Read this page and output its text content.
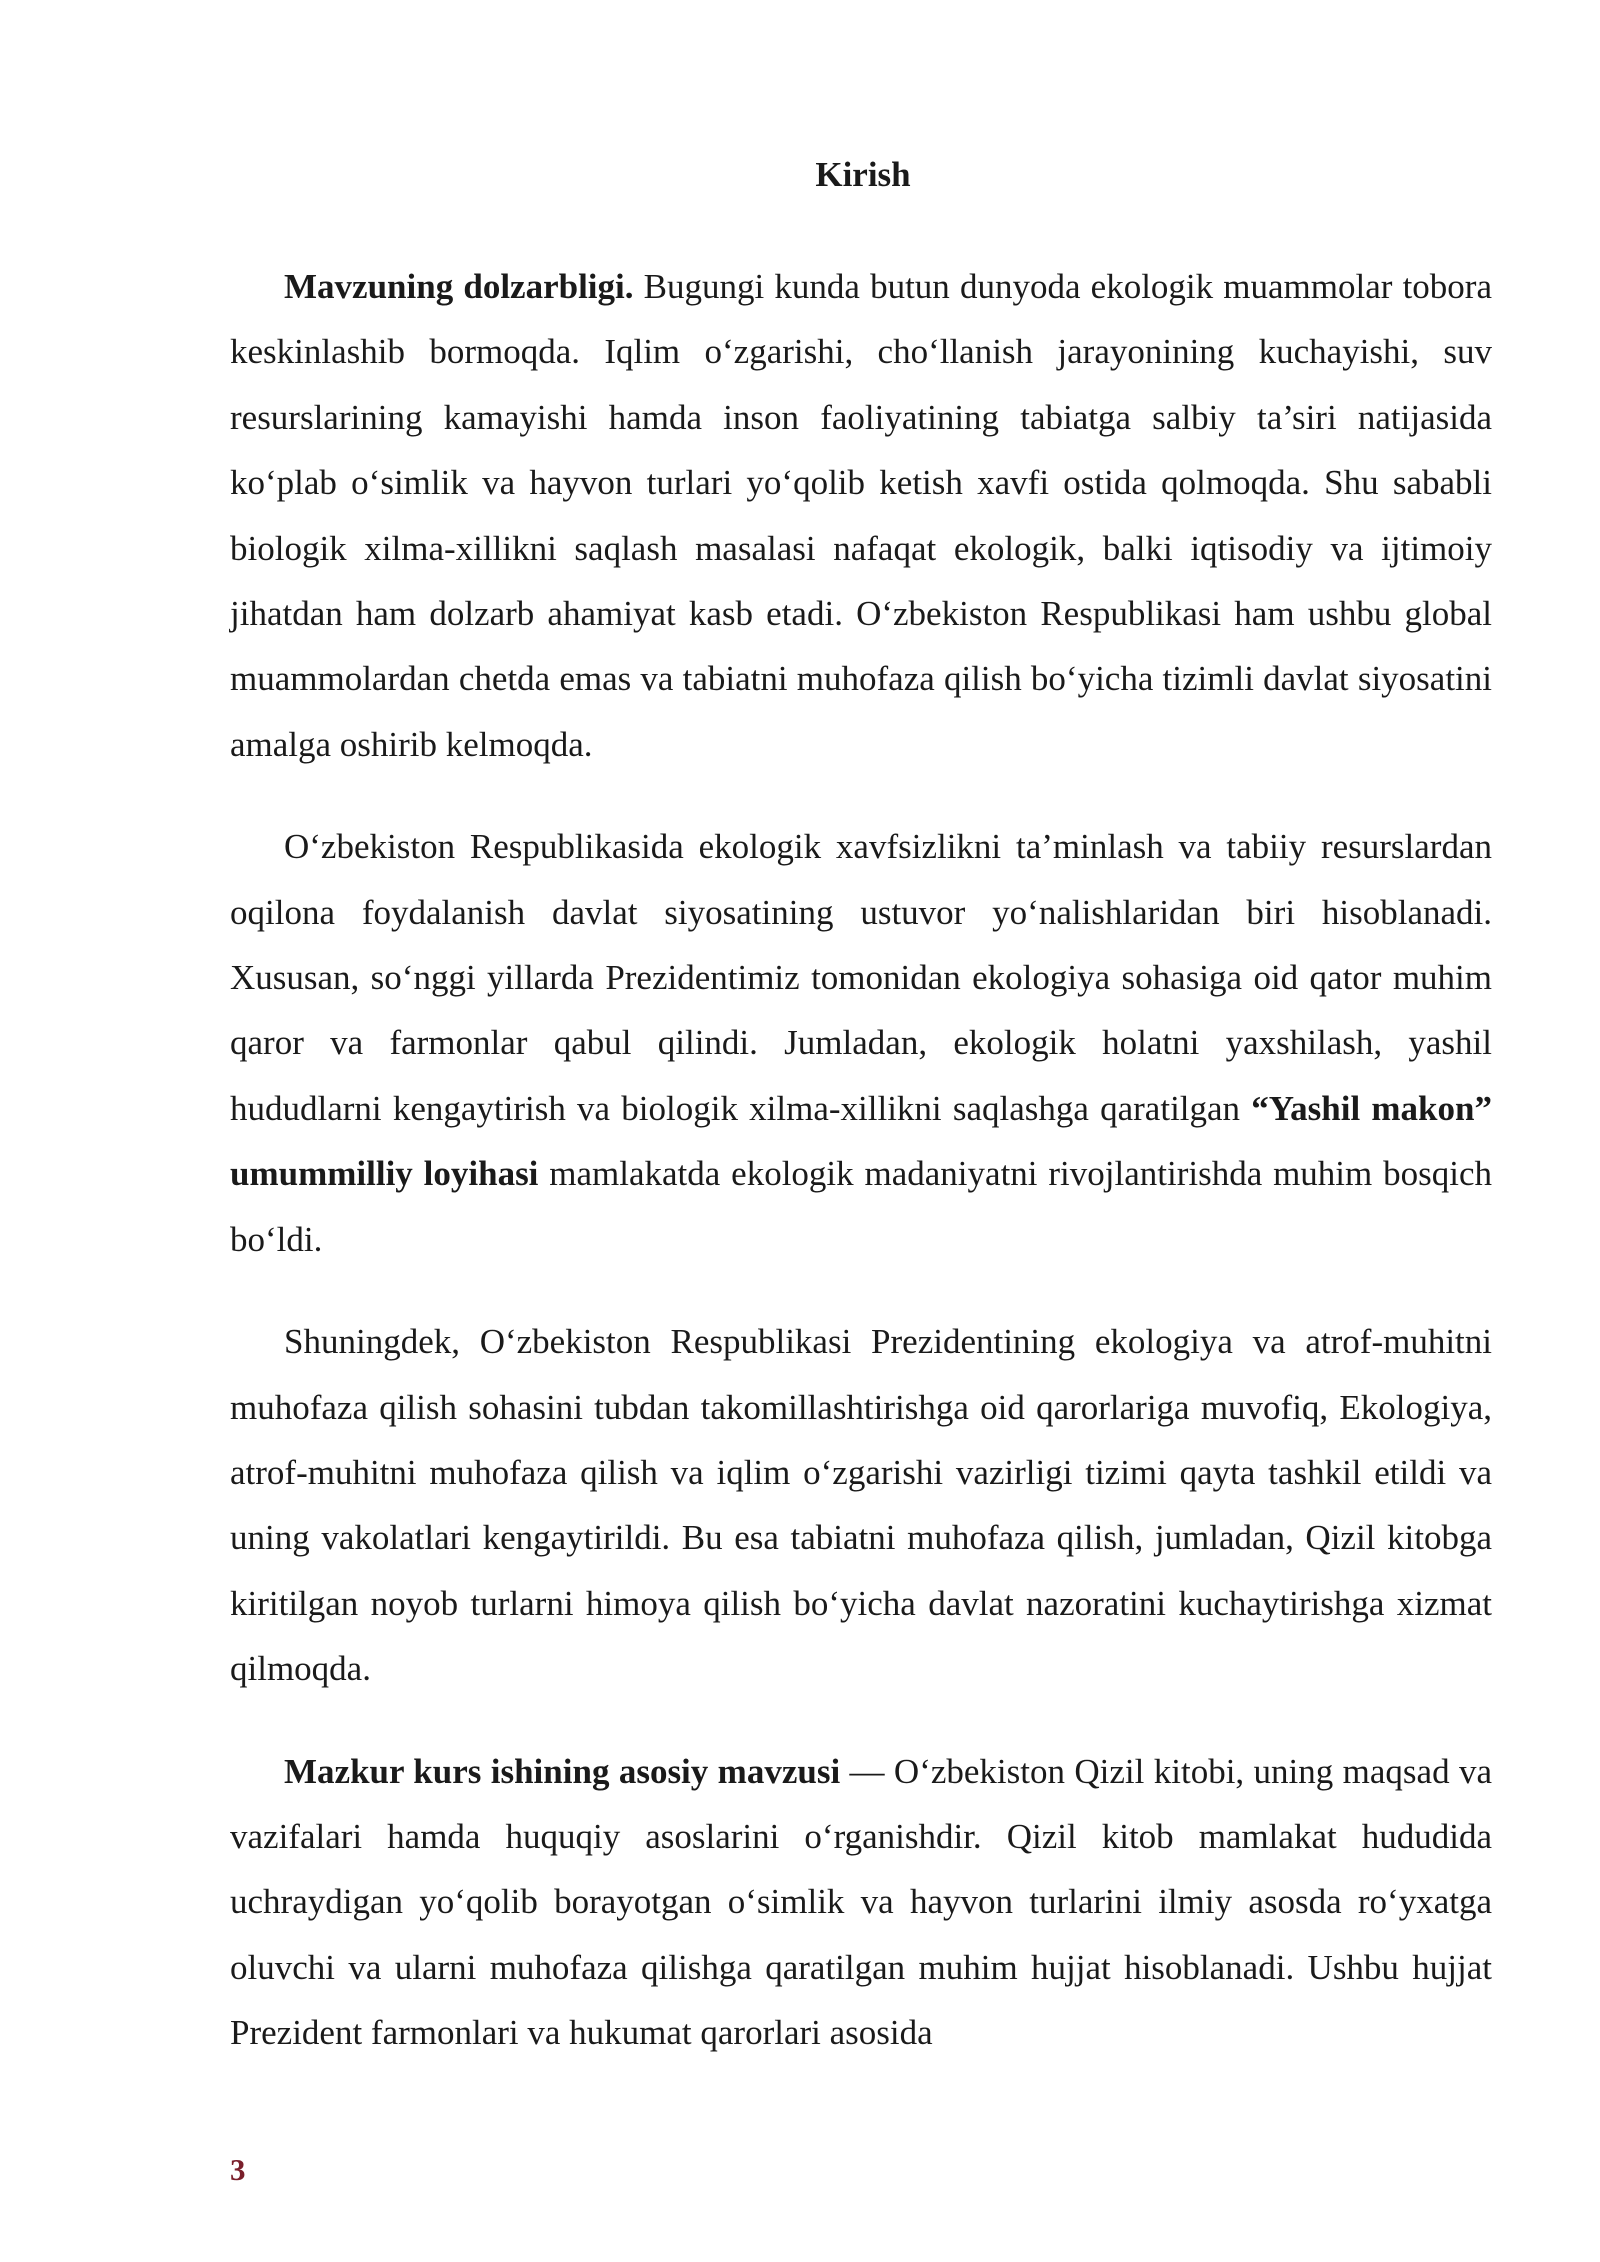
Kirish

Mavzuning dolzarbligi. Bugungi kunda butun dunyoda ekologik muammolar tobora keskinlashib bormoqda. Iqlim o‘zgarishi, cho‘llanish jarayonining kuchayishi, suv resurslarining kamayishi hamda inson faoliyatining tabiatga salbiy ta’siri natijasida ko‘plab o‘simlik va hayvon turlari yo‘qolib ketish xavfi ostida qolmoqda. Shu sababli biologik xilma-xillikni saqlash masalasi nafaqat ekologik, balki iqtisodiy va ijtimoiy jihatdan ham dolzarb ahamiyat kasb etadi. O‘zbekiston Respublikasi ham ushbu global muammolardan chetda emas va tabiatni muhofaza qilish bo‘yicha tizimli davlat siyosatini amalga oshirib kelmoqda.

O‘zbekiston Respublikasida ekologik xavfsizlikni ta’minlash va tabiiy resurslardan oqilona foydalanish davlat siyosatining ustuvor yo‘nalishlaridan biri hisoblanadi. Xususan, so‘nggi yillarda Prezidentimiz tomonidan ekologiya sohasiga oid qator muhim qaror va farmonlar qabul qilindi. Jumladan, ekologik holatni yaxshilash, yashil hududlarni kengaytirish va biologik xilma-xillikni saqlashga qaratilgan “Yashil makon” umummilliy loyihasi mamlakatda ekologik madaniyatni rivojlantirishda muhim bosqich bo‘ldi.

Shuningdek, O‘zbekiston Respublikasi Prezidentining ekologiya va atrof-muhitni muhofaza qilish sohasini tubdan takomillashtirishga oid qarorlariga muvofiq, Ekologiya, atrof-muhitni muhofaza qilish va iqlim o‘zgarishi vazirligi tizimi qayta tashkil etildi va uning vakolatlari kengaytirildi. Bu esa tabiatni muhofaza qilish, jumladan, Qizil kitobga kiritilgan noyob turlarni himoya qilish bo‘yicha davlat nazoratini kuchaytirishga xizmat qilmoqda.

Mazkur kurs ishining asosiy mavzusi — O‘zbekiston Qizil kitobi, uning maqsad va vazifalari hamda huquqiy asoslarini o‘rganishdir. Qizil kitob mamlakat hududida uchraydigan yo‘qolib borayotgan o‘simlik va hayvon turlarini ilmiy asosda ro‘yxatga oluvchi va ularni muhofaza qilishga qaratilgan muhim hujjat hisoblanadi. Ushbu hujjat Prezident farmonlari va hukumat qarorlari asosida

3
